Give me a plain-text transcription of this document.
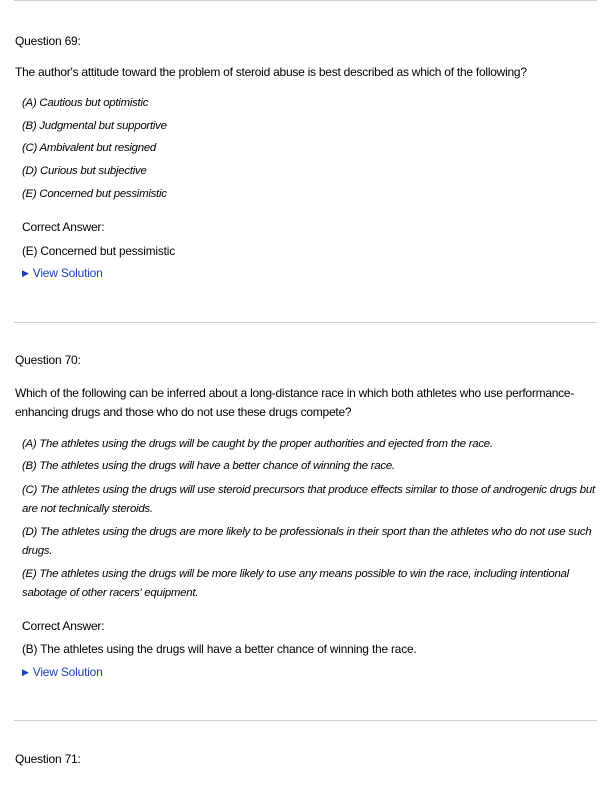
Question 69:
The author's attitude toward the problem of steroid abuse is best described as which of the following?
(A) Cautious but optimistic
(B) Judgmental but supportive
(C) Ambivalent but resigned
(D) Curious but subjective
(E) Concerned but pessimistic
Correct Answer:
(E) Concerned but pessimistic
▶ View Solution
Question 70:
Which of the following can be inferred about a long-distance race in which both athletes who use performance-enhancing drugs and those who do not use these drugs compete?
(A) The athletes using the drugs will be caught by the proper authorities and ejected from the race.
(B) The athletes using the drugs will have a better chance of winning the race.
(C) The athletes using the drugs will use steroid precursors that produce effects similar to those of androgenic drugs but are not technically steroids.
(D) The athletes using the drugs are more likely to be professionals in their sport than the athletes who do not use such drugs.
(E) The athletes using the drugs will be more likely to use any means possible to win the race, including intentional sabotage of other racers' equipment.
Correct Answer:
(B) The athletes using the drugs will have a better chance of winning the race.
▶ View Solution
Question 71:
